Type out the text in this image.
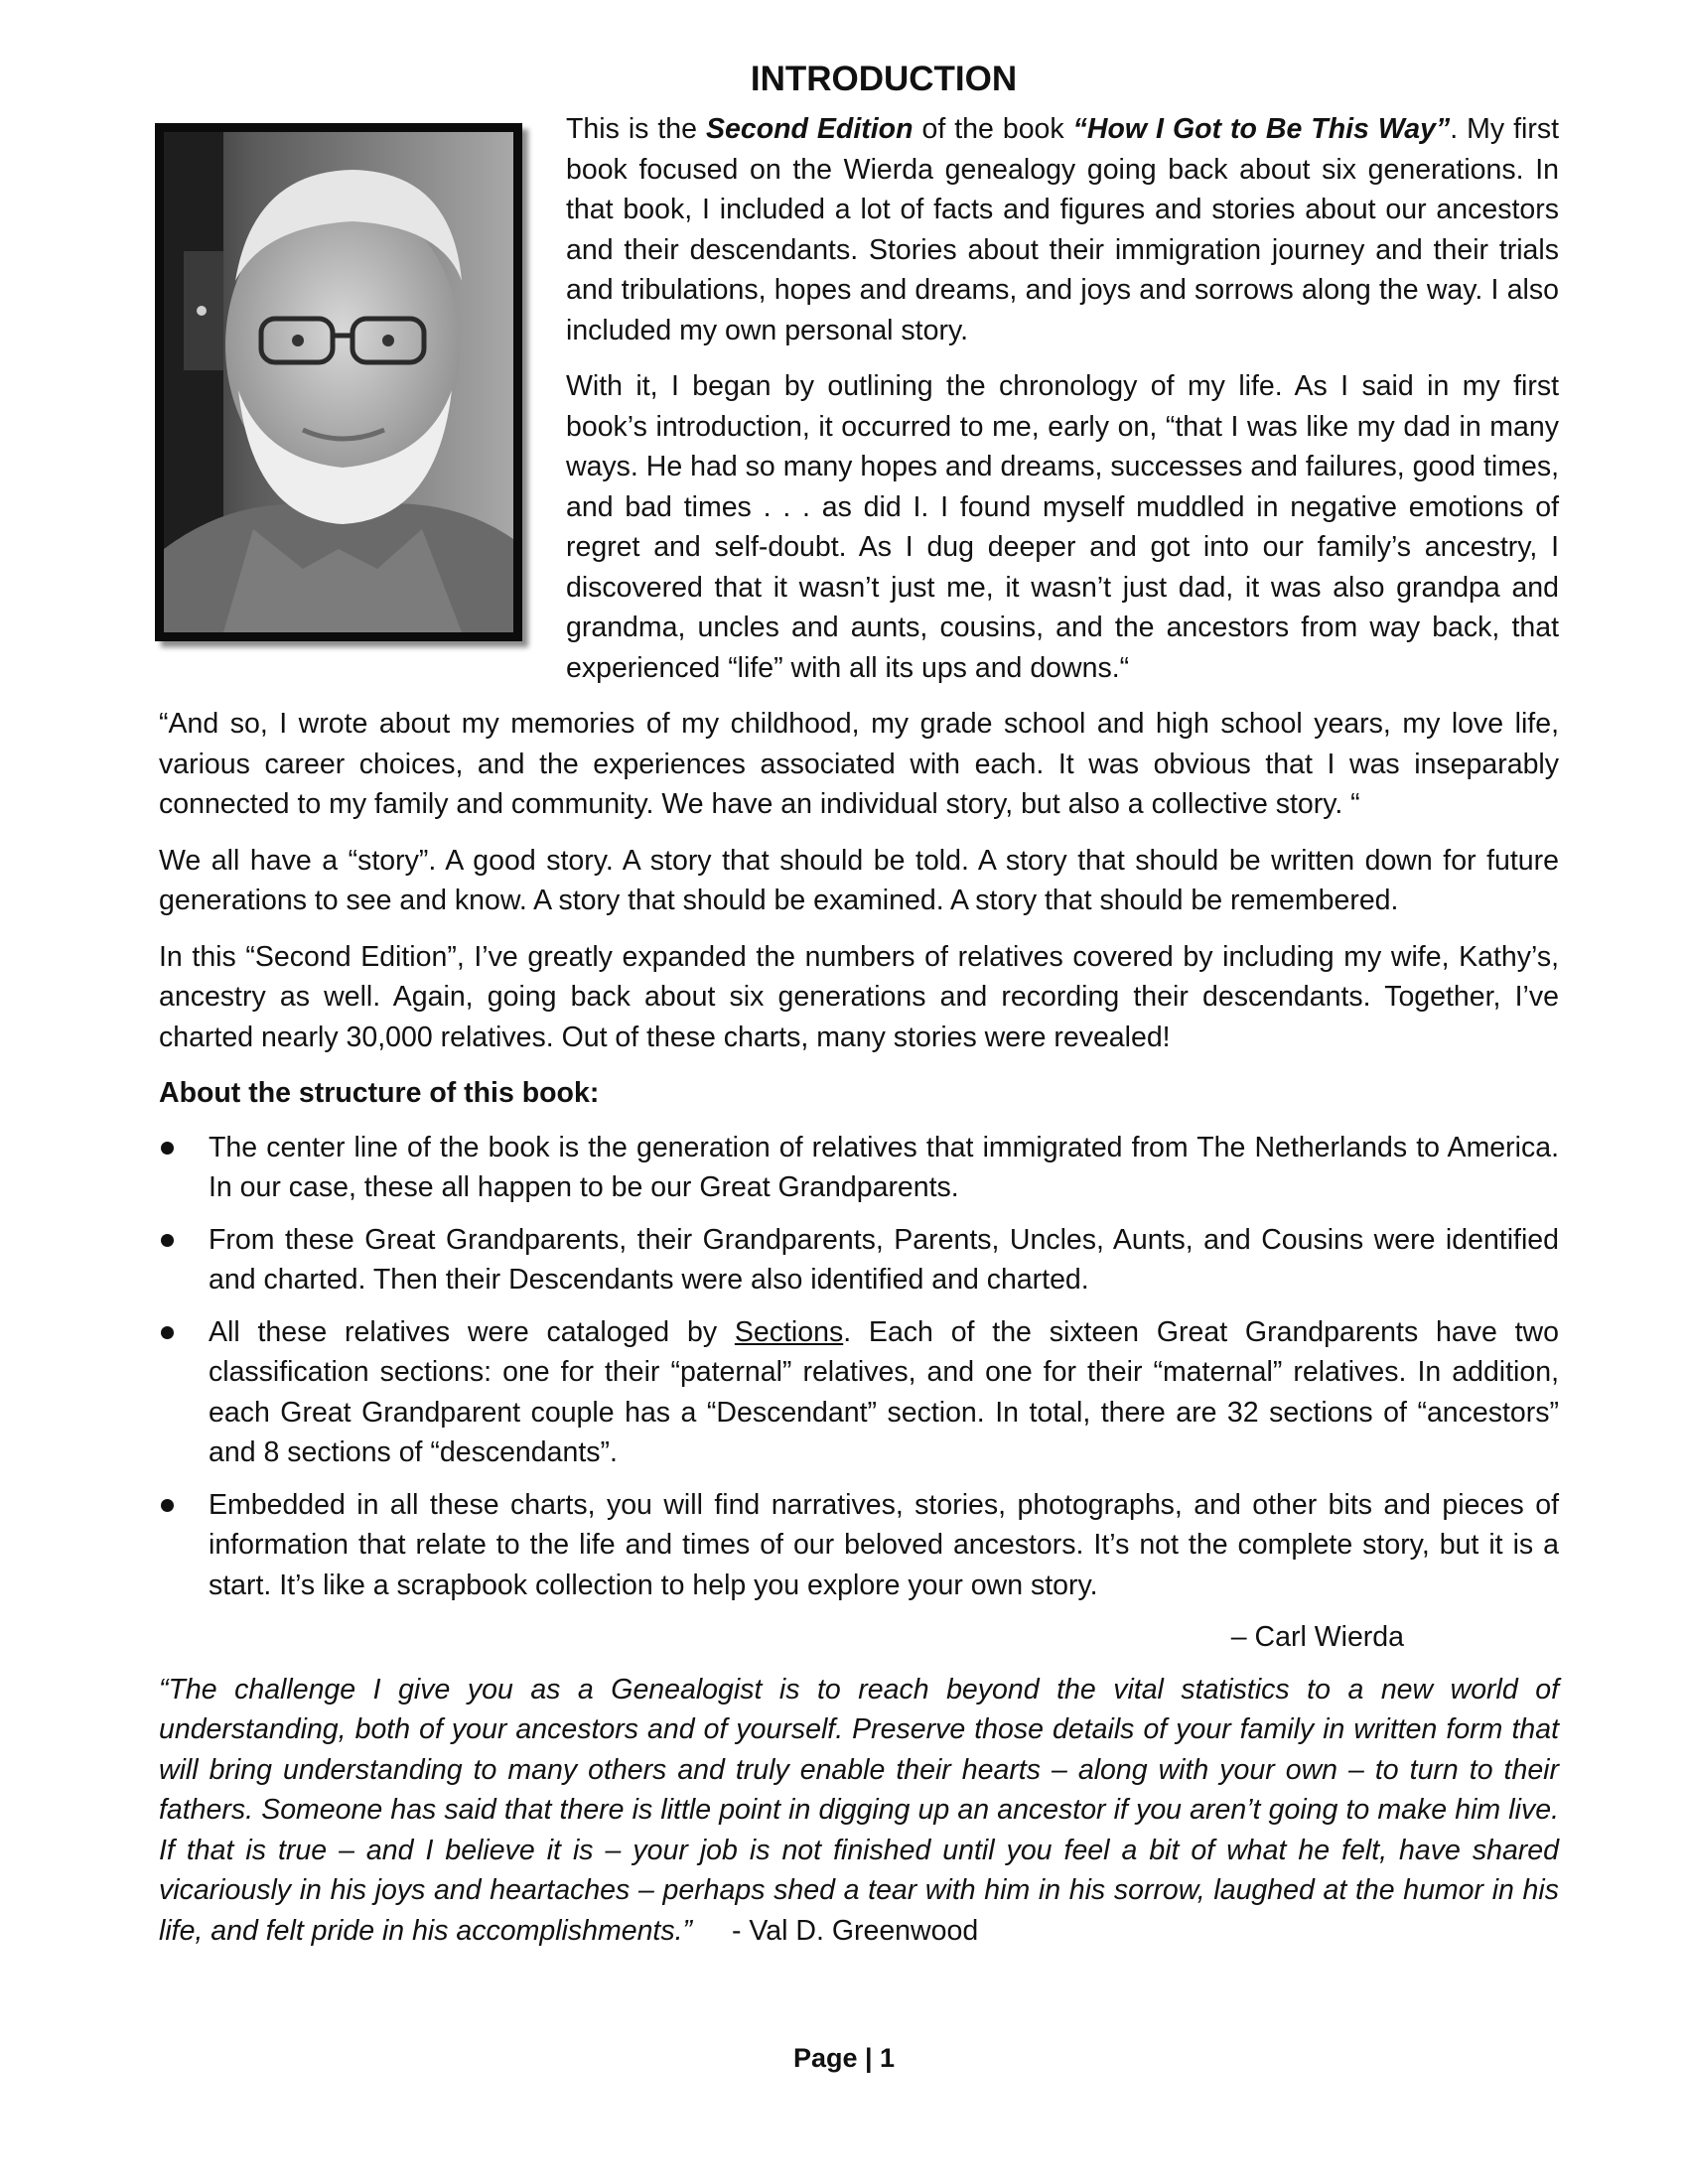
INTRODUCTION

This is the Second Edition of the book “How I Got to Be This Way”. My first book focused on the Wierda genealogy going back about six generations. In that book, I included a lot of facts and figures and stories about our ancestors and their descendants. Stories about their immigration journey and their trials and tribulations, hopes and dreams, and joys and sorrows along the way. I also included my own personal story.

With it, I began by outlining the chronology of my life. As I said in my first book’s introduction, it occurred to me, early on, “that I was like my dad in many ways. He had so many hopes and dreams, successes and failures, good times, and bad times . . . as did I. I found myself muddled in negative emotions of regret and self-doubt. As I dug deeper and got into our family’s ancestry, I discovered that it wasn’t just me, it wasn’t just dad, it was also grandpa and grandma, uncles and aunts, cousins, and the ancestors from way back, that experienced “life” with all its ups and downs.“

“And so, I wrote about my memories of my childhood, my grade school and high school years, my love life, various career choices, and the experiences associated with each. It was obvious that I was inseparably connected to my family and community. We have an individual story, but also a collective story. “

We all have a “story”. A good story. A story that should be told. A story that should be written down for future generations to see and know. A story that should be examined. A story that should be remembered.

In this “Second Edition”, I’ve greatly expanded the numbers of relatives covered by including my wife, Kathy’s, ancestry as well. Again, going back about six generations and recording their descendants. Together, I’ve charted nearly 30,000 relatives. Out of these charts, many stories were revealed!

About the structure of this book:
The center line of the book is the generation of relatives that immigrated from The Netherlands to America. In our case, these all happen to be our Great Grandparents.
From these Great Grandparents, their Grandparents, Parents, Uncles, Aunts, and Cousins were identified and charted. Then their Descendants were also identified and charted.
All these relatives were cataloged by Sections. Each of the sixteen Great Grandparents have two classification sections: one for their “paternal” relatives, and one for their “maternal” relatives. In addition, each Great Grandparent couple has a “Descendant” section. In total, there are 32 sections of “ancestors” and 8 sections of “descendants”.
Embedded in all these charts, you will find narratives, stories, photographs, and other bits and pieces of information that relate to the life and times of our beloved ancestors. It’s not the complete story, but it is a start. It’s like a scrapbook collection to help you explore your own story.
– Carl Wierda

“The challenge I give you as a Genealogist is to reach beyond the vital statistics to a new world of understanding, both of your ancestors and of yourself. Preserve those details of your family in written form that will bring understanding to many others and truly enable their hearts – along with your own – to turn to their fathers. Someone has said that there is little point in digging up an ancestor if you aren’t going to make him live. If that is true – and I believe it is – your job is not finished until you feel a bit of what he felt, have shared vicariously in his joys and heartaches – perhaps shed a tear with him in his sorrow, laughed at the humor in his life, and felt pride in his accomplishments.” - Val D. Greenwood

Page | 1
